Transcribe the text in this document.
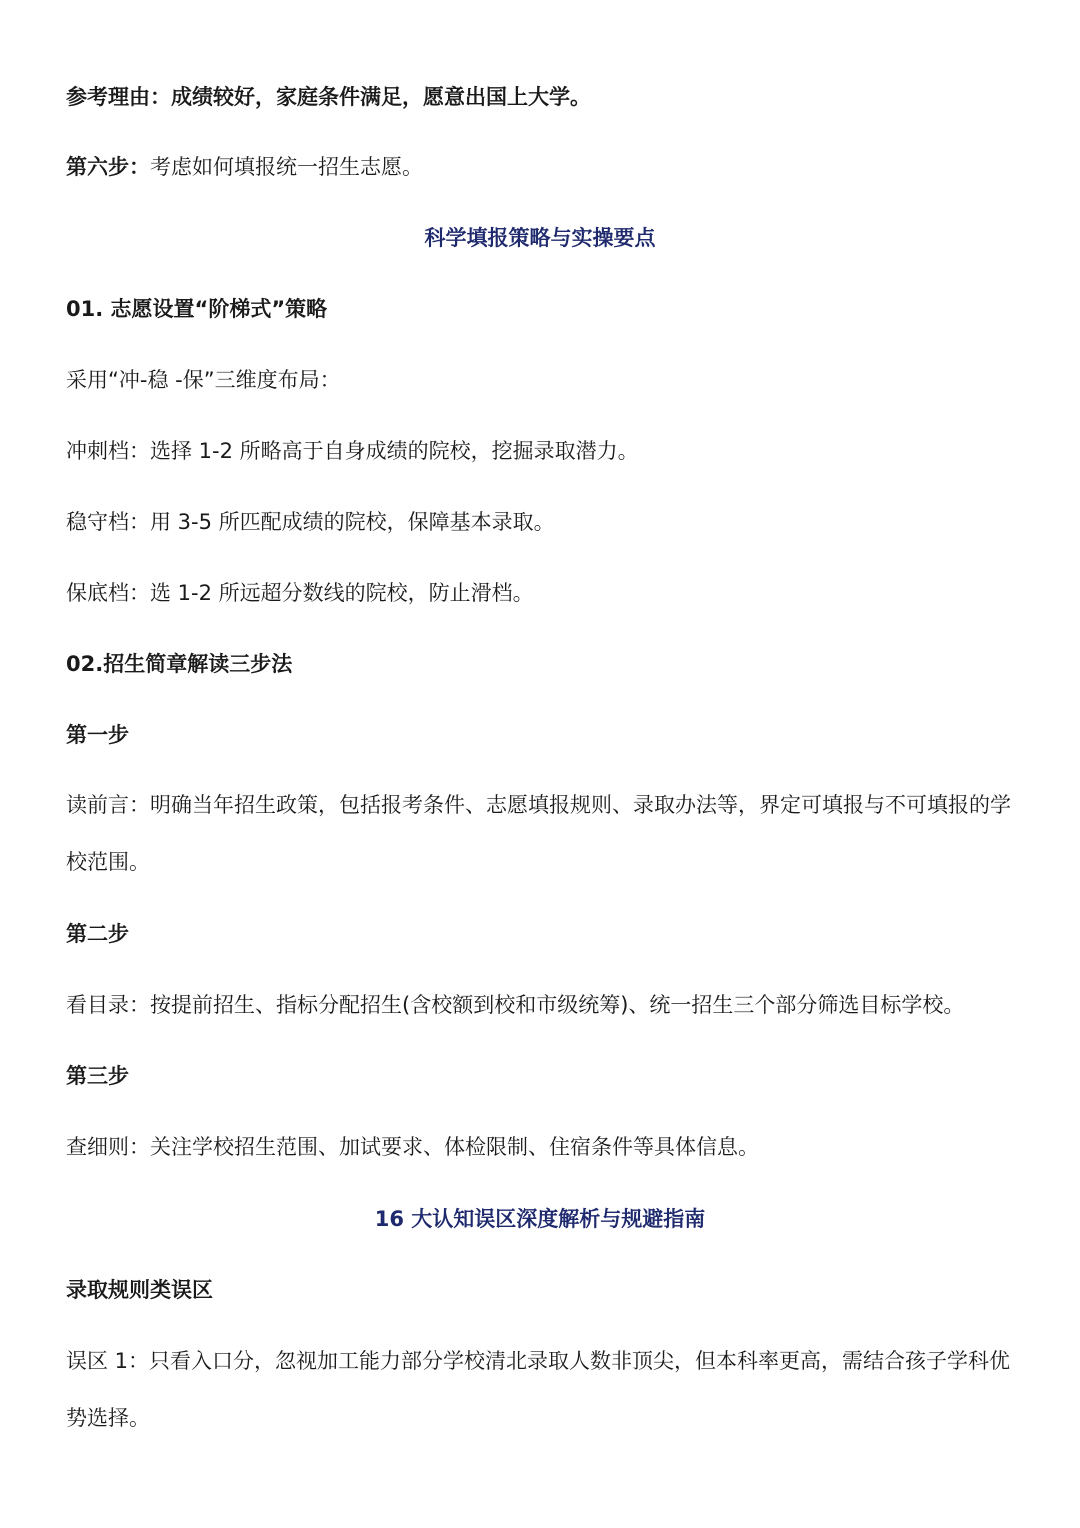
参考理由：成绩较好，家庭条件满足，愿意出国上大学。
第六步：考虑如何填报统一招生志愿。
科学填报策略与实操要点
01. 志愿设置“阶梯式”策略
采用“冲-稳 -保”三维度布局：
冲刺档：选择 1-2 所略高于自身成绩的院校，挖掘录取潜力。
稳守档：用 3-5 所匹配成绩的院校，保障基本录取。
保底档：选 1-2 所远超分数线的院校，防止滑档。
02.招生简章解读三步法
第一步
读前言：明确当年招生政策，包括报考条件、志愿填报规则、录取办法等，界定可填报与不可填报的学校范围。
第二步
看目录：按提前招生、指标分配招生(含校额到校和市级统筹)、统一招生三个部分筛选目标学校。
第三步
查细则：关注学校招生范围、加试要求、体检限制、住宿条件等具体信息。
16 大认知误区深度解析与规避指南
录取规则类误区
误区 1：只看入口分，忽视加工能力部分学校清北录取人数非顶尖，但本科率更高，需结合孩子学科优势选择。
